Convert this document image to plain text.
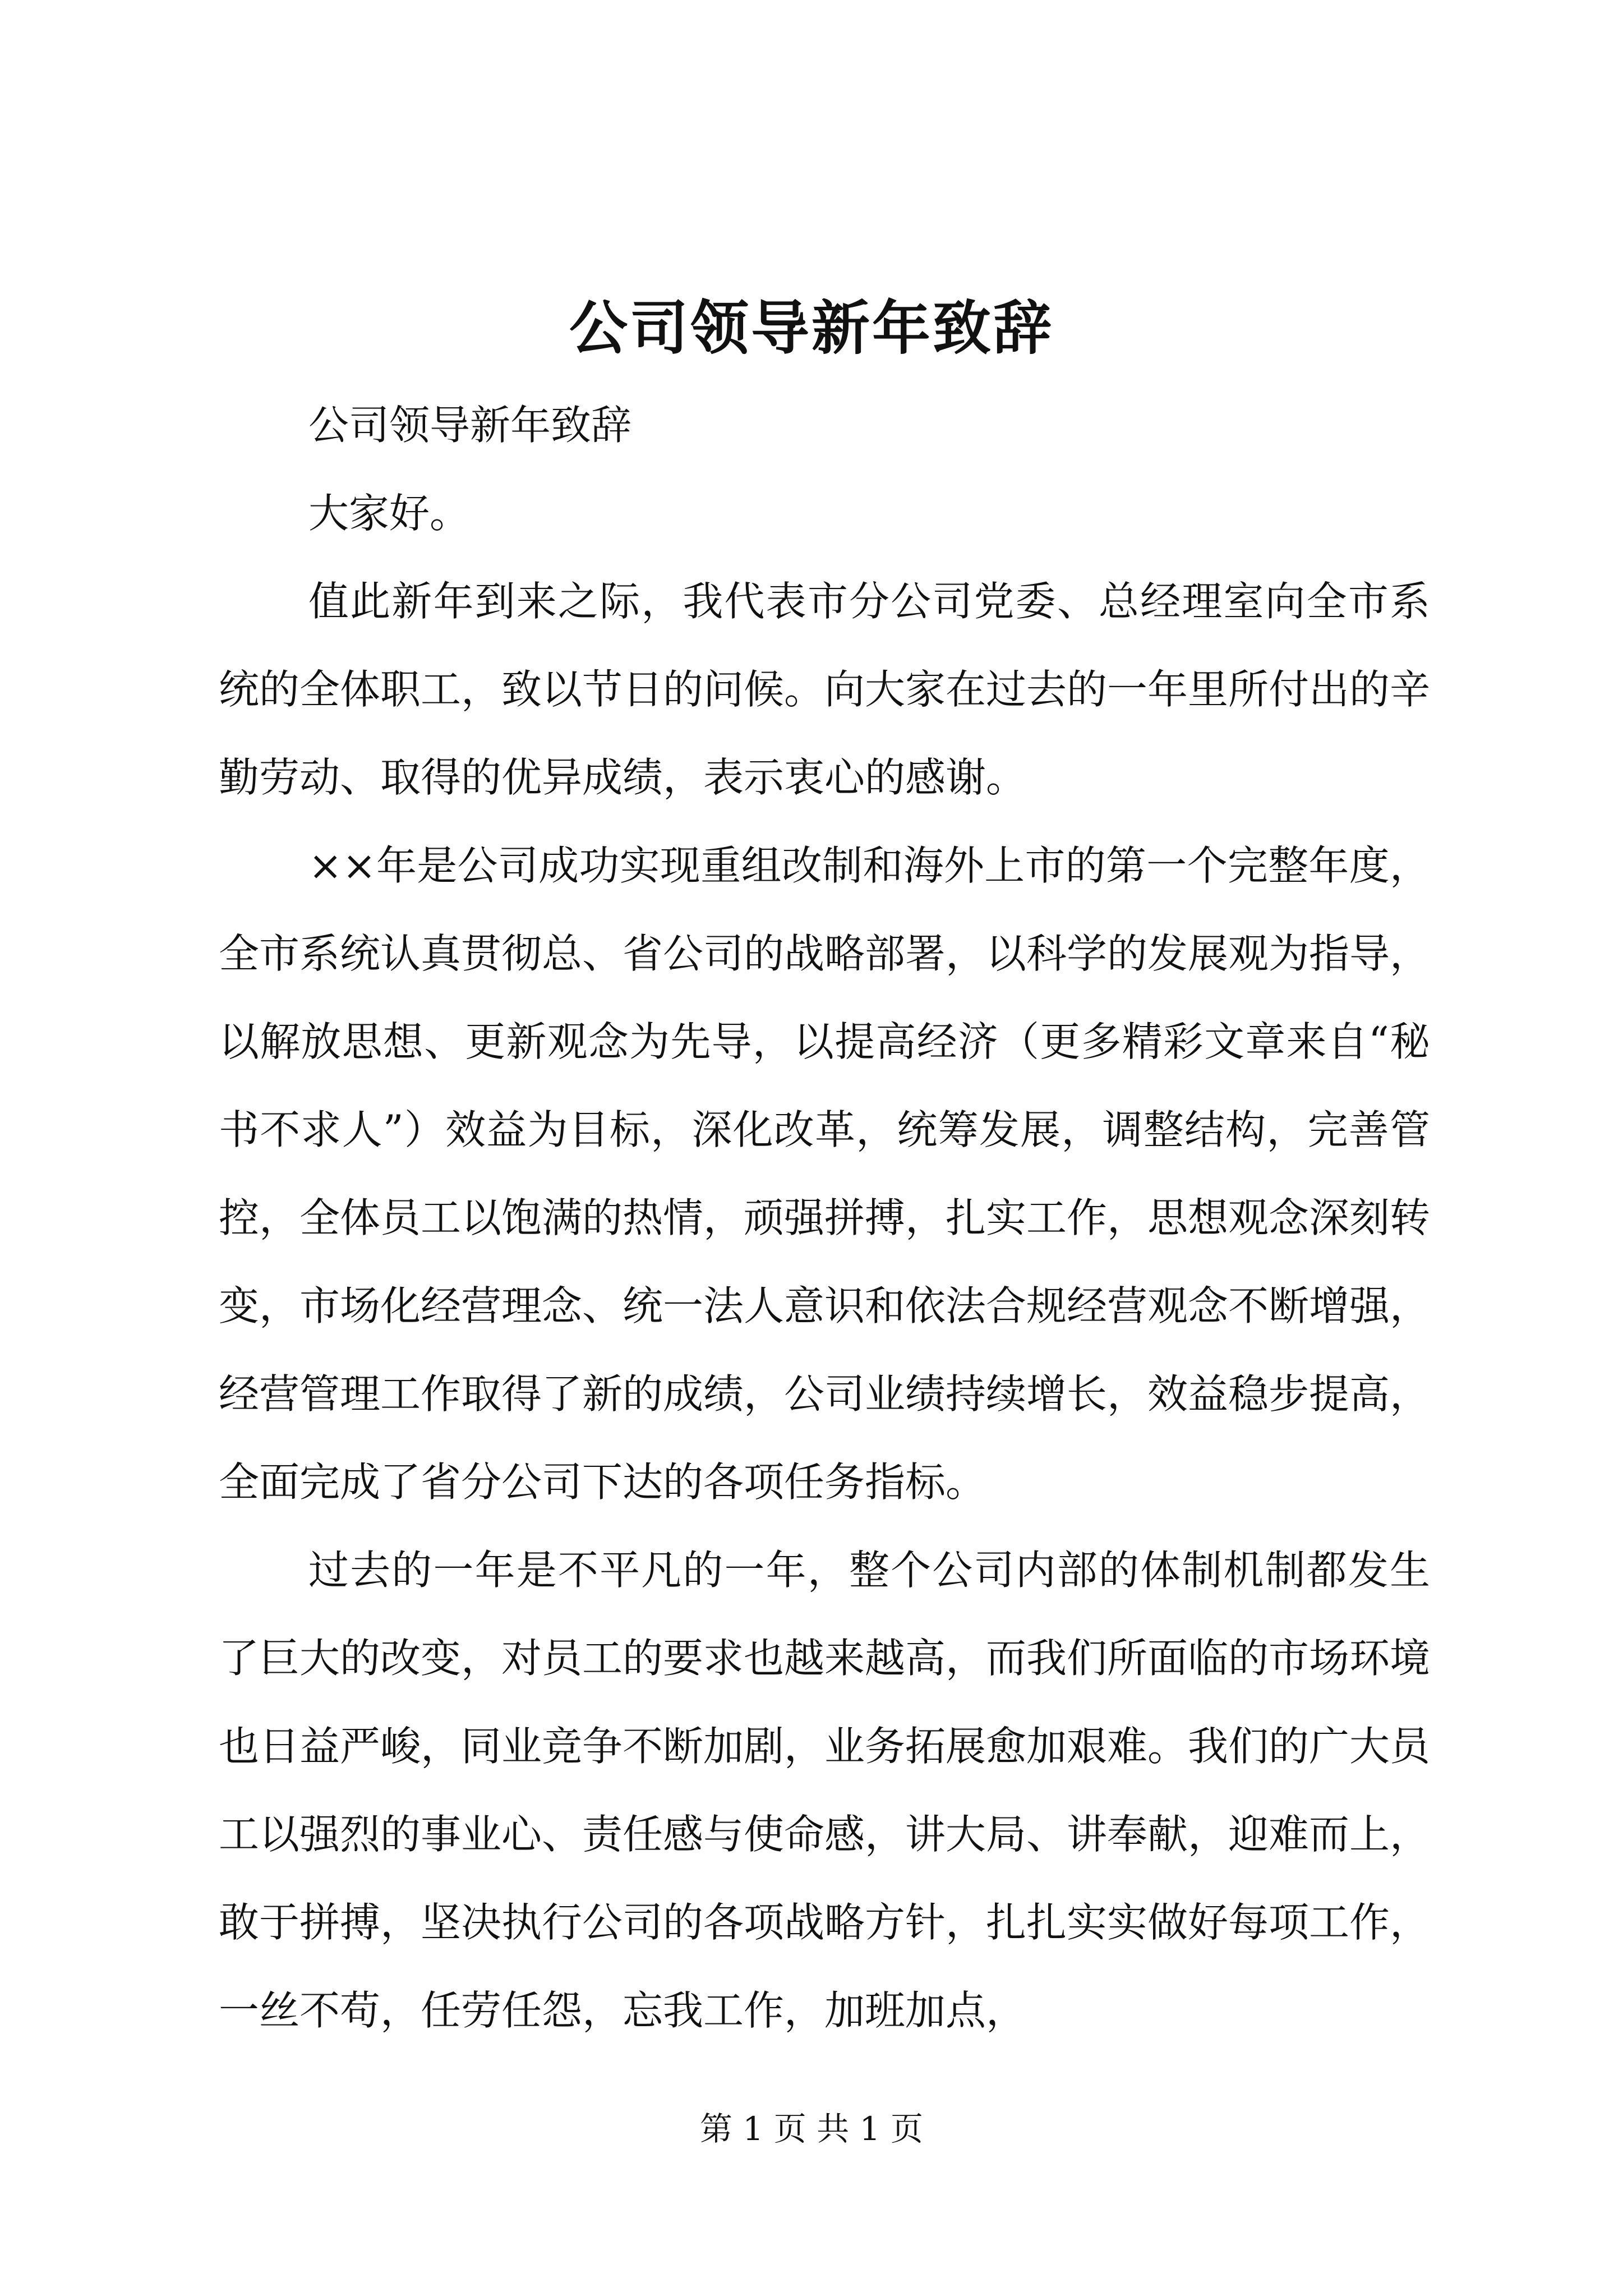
公司领导新年致辞

公司领导新年致辞

大家好。

值此新年到来之际，我代表市分公司党委、总经理室向全市系统的全体职工，致以节日的问候。向大家在过去的一年里所付出的辛勤劳动、取得的优异成绩，表示衷心的感谢。

××年是公司成功实现重组改制和海外上市的第一个完整年度，全市系统认真贯彻总、省公司的战略部署，以科学的发展观为指导，以解放思想、更新观念为先导，以提高经济（更多精彩文章来自“秘书不求人”）效益为目标，深化改革，统筹发展，调整结构，完善管控，全体员工以饱满的热情，顽强拼搏，扎实工作，思想观念深刻转变，市场化经营理念、统一法人意识和依法合规经营观念不断增强，经营管理工作取得了新的成绩，公司业绩持续增长，效益稳步提高，全面完成了省分公司下达的各项任务指标。

过去的一年是不平凡的一年，整个公司内部的体制机制都发生了巨大的改变，对员工的要求也越来越高，而我们所面临的市场环境也日益严峻，同业竞争不断加剧，业务拓展愈加艰难。我们的广大员工以强烈的事业心、责任感与使命感，讲大局、讲奉献，迎难而上，敢于拼搏，坚决执行公司的各项战略方针，扎扎实实做好每项工作，一丝不苟，任劳任怨，忘我工作，加班加点，

第 1 页 共 1 页
